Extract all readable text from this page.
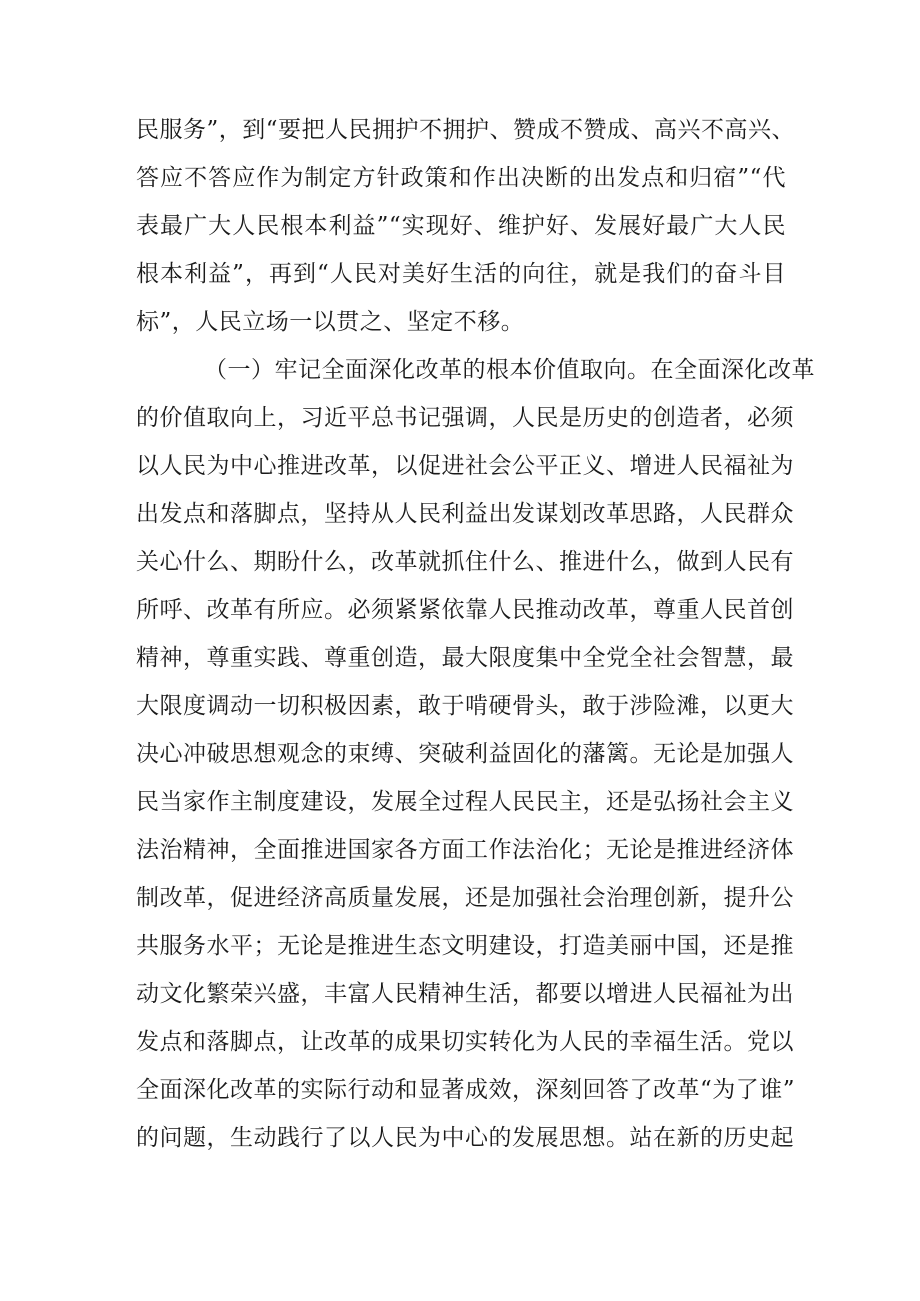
民服务”，到“要把人民拥护不拥护、赞成不赞成、高兴不高兴、
答应不答应作为制定方针政策和作出决断的出发点和归宿”“代
表最广大人民根本利益”“实现好、维护好、发展好最广大人民
根本利益”，再到“人民对美好生活的向往，就是我们的奋斗目
标”，人民立场一以贯之、坚定不移。
（一）牢记全面深化改革的根本价值取向。在全面深化改革
的价值取向上，习近平总书记强调，人民是历史的创造者，必须
以人民为中心推进改革，以促进社会公平正义、增进人民福祉为
出发点和落脚点，坚持从人民利益出发谋划改革思路，人民群众
关心什么、期盼什么，改革就抓住什么、推进什么，做到人民有
所呼、改革有所应。必须紧紧依靠人民推动改革，尊重人民首创
精神，尊重实践、尊重创造，最大限度集中全党全社会智慧，最
大限度调动一切积极因素，敢于啃硬骨头，敢于涉险滩，以更大
决心冲破思想观念的束缚、突破利益固化的藩篱。无论是加强人
民当家作主制度建设，发展全过程人民民主，还是弘扬社会主义
法治精神，全面推进国家各方面工作法治化；无论是推进经济体
制改革，促进经济高质量发展，还是加强社会治理创新，提升公
共服务水平；无论是推进生态文明建设，打造美丽中国，还是推
动文化繁荣兴盛，丰富人民精神生活，都要以增进人民福祉为出
发点和落脚点，让改革的成果切实转化为人民的幸福生活。党以
全面深化改革的实际行动和显著成效，深刻回答了改革“为了谁”
的问题，生动践行了以人民为中心的发展思想。站在新的历史起
